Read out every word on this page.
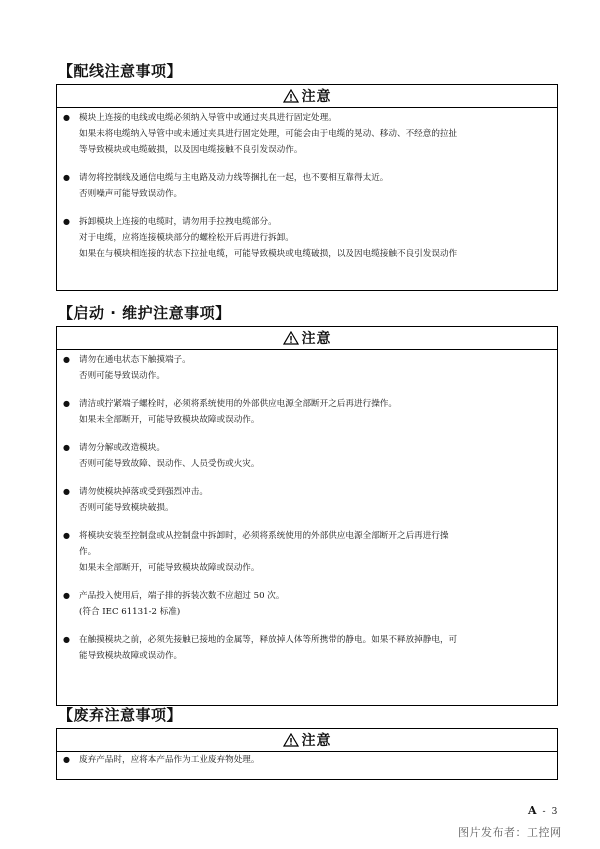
【配线注意事项】
注意
●	模块上连接的电线或电缆必须纳入导管中或通过夹具进行固定处理。
如果未将电缆纳入导管中或未通过夹具进行固定处理，可能会由于电缆的晃动、移动、不经意的拉扯
等导致模块或电缆破损，以及因电缆接触不良引发误动作。
●	请勿将控制线及通信电缆与主电路及动力线等捆扎在一起，也不要相互靠得太近。
否则噪声可能导致误动作。
●	拆卸模块上连接的电缆时，请勿用手拉拽电缆部分。
对于电缆，应将连接模块部分的螺栓松开后再进行拆卸。
如果在与模块相连接的状态下拉扯电缆，可能导致模块或电缆破损，以及因电缆接触不良引发误动作
【启动 · 维护注意事项】
注意
●	请勿在通电状态下触摸端子。
否则可能导致误动作。
●	清洁或拧紧端子螺栓时，必须将系统使用的外部供应电源全部断开之后再进行操作。
如果未全部断开，可能导致模块故障或误动作。
●	请勿分解或改造模块。
否则可能导致故障、误动作、人员受伤或火灾。
●	请勿使模块掉落或受到强烈冲击。
否则可能导致模块破损。
●	将模块安装至控制盘或从控制盘中拆卸时，必须将系统使用的外部供应电源全部断开之后再进行操
作。
如果未全部断开，可能导致模块故障或误动作。
●	产品投入使用后，端子排的拆装次数不应超过 50 次。
(符合 IEC 61131-2 标准)
●	在触摸模块之前，必须先接触已接地的金属等，释放掉人体等所携带的静电。如果不释放掉静电，可
能导致模块故障或误动作。
【废弃注意事项】
注意
●	废弃产品时，应将本产品作为工业废弃物处理。
A - 3
图片发布者：工控网
